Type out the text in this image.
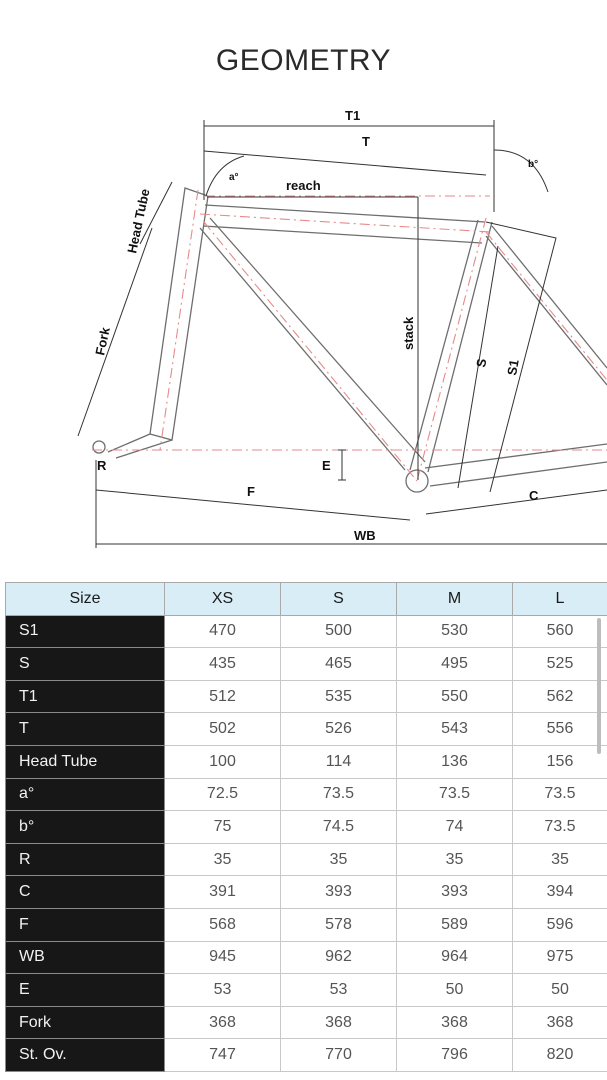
GEOMETRY
T1
T
reach
a°
b°
Head Tube
Fork	stack
S S1
R	E
F	C
WB
Size	XS	S	M	L
S1	470	500	530	560
S	435	465	495	525
T1	512	535	550	562
T	502	526	543	556
Head Tube	100	114	136	156
a°	72.5	73.5	73.5	73.5
b°	75	74.5	74	73.5
R	35	35	35	35
C	391	393	393	394
F	568	578	589	596
WB	945	962	964	975
E	53	53	50	50
Fork	368	368	368	368
St. Ov.	747	770	796	820
